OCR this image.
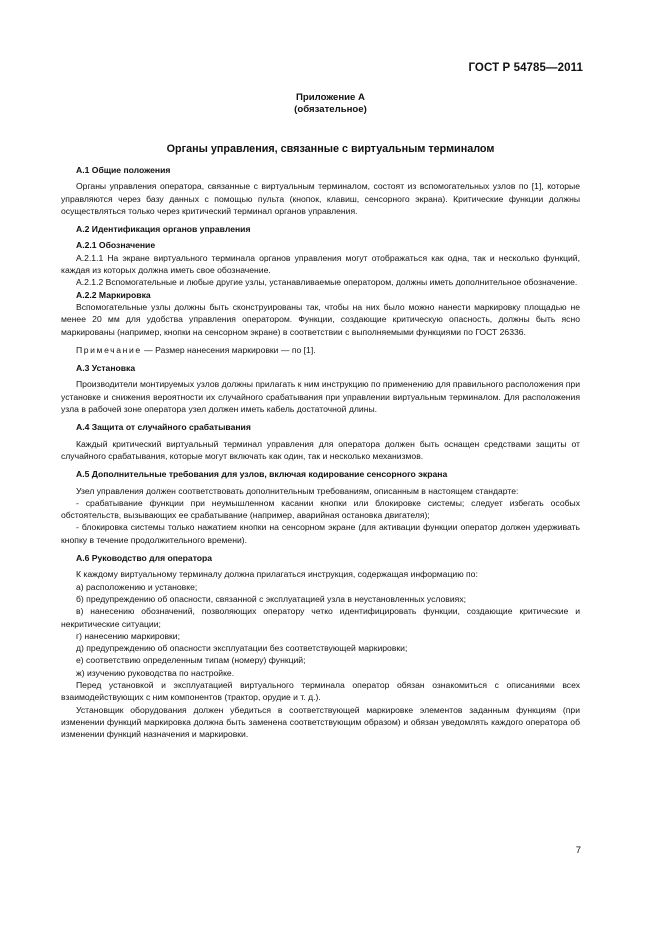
ГОСТ Р 54785—2011
Приложение А
(обязательное)
Органы управления, связанные с виртуальным терминалом

А.1 Общие положения

Органы управления оператора, связанные с виртуальным терминалом, состоят из вспомогательных узлов по [1], которые управляются через базу данных с помощью пульта (кнопок, клавиш, сенсорного экрана). Критические функции должны осуществляться только через критический терминал органов управления.

А.2 Идентификация органов управления

А.2.1 Обозначение

А.2.1.1 На экране виртуального терминала органов управления могут отображаться как одна, так и несколько функций, каждая из которых должна иметь свое обозначение.

А.2.1.2 Вспомогательные и любые другие узлы, устанавливаемые оператором, должны иметь дополнительное обозначение.

А.2.2 Маркировка

Вспомогательные узлы должны быть сконструированы так, чтобы на них было можно нанести маркировку площадью не менее 20 мм для удобства управления оператором. Функции, создающие критическую опасность, должны быть ясно маркированы (например, кнопки на сенсорном экране) в соответствии с выполняемыми функциями по ГОСТ 26336.

Примечание — Размер нанесения маркировки — по [1].

А.3 Установка

Производители монтируемых узлов должны прилагать к ним инструкцию по применению для правильного расположения при установке и снижения вероятности их случайного срабатывания при управлении виртуальным терминалом. Для расположения узла в рабочей зоне оператора узел должен иметь кабель достаточной длины.

А.4 Защита от случайного срабатывания

Каждый критический виртуальный терминал управления для оператора должен быть оснащен средствами защиты от случайного срабатывания, которые могут включать как один, так и несколько механизмов.

А.5 Дополнительные требования для узлов, включая кодирование сенсорного экрана

Узел управления должен соответствовать дополнительным требованиям, описанным в настоящем стандарте:

- срабатывание функции при неумышленном касании кнопки или блокировке системы; следует избегать особых обстоятельств, вызывающих ее срабатывание (например, аварийная остановка двигателя);

- блокировка системы только нажатием кнопки на сенсорном экране (для активации функции оператор должен удерживать кнопку в течение продолжительного времени).

А.6 Руководство для оператора

К каждому виртуальному терминалу должна прилагаться инструкция, содержащая информацию по:

а) расположению и установке;

б) предупреждению об опасности, связанной с эксплуатацией узла в неустановленных условиях;

в) нанесению обозначений, позволяющих оператору четко идентифицировать функции, создающие критические и некритические ситуации;

г) нанесению маркировки;

д) предупреждению об опасности эксплуатации без соответствующей маркировки;

е) соответствию определенным типам (номеру) функций;

ж) изучению руководства по настройке.

Перед установкой и эксплуатацией виртуального терминала оператор обязан ознакомиться с описаниями всех взаимодействующих с ним компонентов (трактор, орудие и т. д.).

Установщик оборудования должен убедиться в соответствующей маркировке элементов заданным функциям (при изменении функций маркировка должна быть заменена соответствующим образом) и обязан уведомлять каждого оператора об изменении функций назначения и маркировки.

7
